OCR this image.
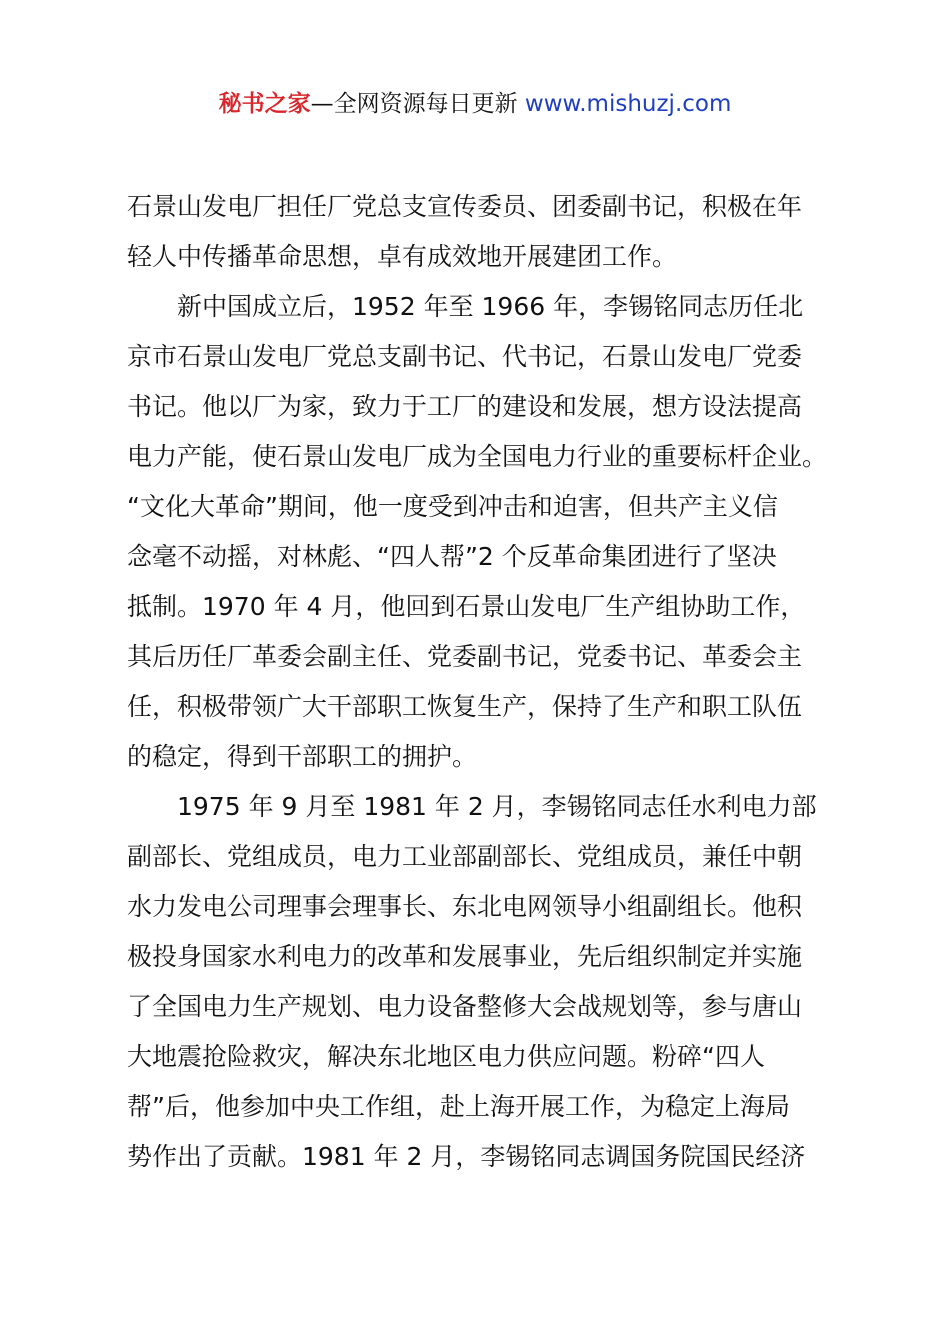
秘书之家—全网资源每日更新 www.mishuzj.com
石景山发电厂担任厂党总支宣传委员、团委副书记，积极在年
轻人中传播革命思想，卓有成效地开展建团工作。
新中国成立后，1952 年至 1966 年，李锡铭同志历任北
京市石景山发电厂党总支副书记、代书记，石景山发电厂党委
书记。他以厂为家，致力于工厂的建设和发展，想方设法提高
电力产能，使石景山发电厂成为全国电力行业的重要标杆企业。
“文化大革命”期间，他一度受到冲击和迫害，但共产主义信
念毫不动摇，对林彪、“四人帮”2 个反革命集团进行了坚决
抵制。1970 年 4 月，他回到石景山发电厂生产组协助工作，
其后历任厂革委会副主任、党委副书记，党委书记、革委会主
任，积极带领广大干部职工恢复生产，保持了生产和职工队伍
的稳定，得到干部职工的拥护。
1975 年 9 月至 1981 年 2 月，李锡铭同志任水利电力部
副部长、党组成员，电力工业部副部长、党组成员，兼任中朝
水力发电公司理事会理事长、东北电网领导小组副组长。他积
极投身国家水利电力的改革和发展事业，先后组织制定并实施
了全国电力生产规划、电力设备整修大会战规划等，参与唐山
大地震抢险救灾，解决东北地区电力供应问题。粉碎“四人
帮”后，他参加中央工作组，赴上海开展工作，为稳定上海局
势作出了贡献。1981 年 2 月，李锡铭同志调国务院国民经济
